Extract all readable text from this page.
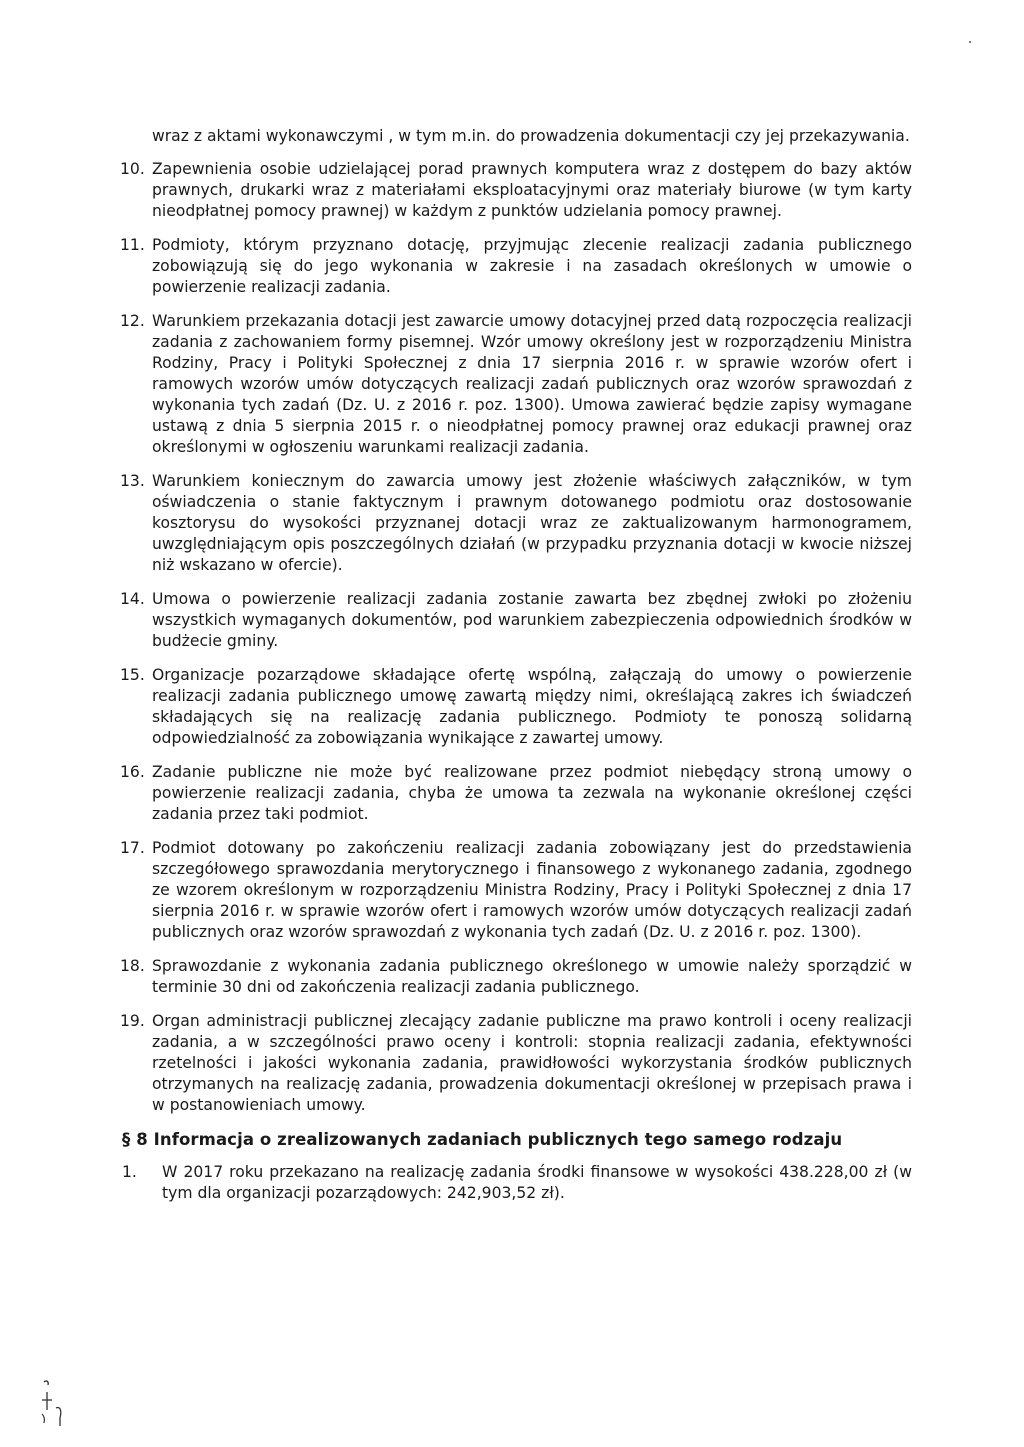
wraz z aktami wykonawczymi , w tym m.in. do prowadzenia dokumentacji czy jej przekazywania.

10. Zapewnienia osobie udzielającej porad prawnych komputera wraz z dostępem do bazy aktów prawnych, drukarki wraz z materiałami eksploatacyjnymi oraz materiały biurowe (w tym karty nieodpłatnej pomocy prawnej) w każdym z punktów udzielania pomocy prawnej.
11. Podmioty, którym przyznano dotację, przyjmując zlecenie realizacji zadania publicznego zobowiązują się do jego wykonania w zakresie i na zasadach określonych w umowie o powierzenie realizacji zadania.
12. Warunkiem przekazania dotacji jest zawarcie umowy dotacyjnej przed datą rozpoczęcia realizacji zadania z zachowaniem formy pisemnej. Wzór umowy określony jest w rozporządzeniu Ministra Rodziny, Pracy i Polityki Społecznej z dnia 17 sierpnia 2016 r. w sprawie wzorów ofert i ramowych wzorów umów dotyczących realizacji zadań publicznych oraz wzorów sprawozdań z wykonania tych zadań (Dz. U. z 2016 r. poz. 1300). Umowa zawierać będzie zapisy wymagane ustawą z dnia 5 sierpnia 2015 r. o nieodpłatnej pomocy prawnej oraz edukacji prawnej oraz określonymi w ogłoszeniu warunkami realizacji zadania.
13. Warunkiem koniecznym do zawarcia umowy jest złożenie właściwych załączników, w tym oświadczenia o stanie faktycznym i prawnym dotowanego podmiotu oraz dostosowanie kosztorysu do wysokości przyznanej dotacji wraz ze zaktualizowanym harmonogramem, uwzględniającym opis poszczególnych działań (w przypadku przyznania dotacji w kwocie niższej niż wskazano w ofercie).
14. Umowa o powierzenie realizacji zadania zostanie zawarta bez zbędnej zwłoki po złożeniu wszystkich wymaganych dokumentów, pod warunkiem zabezpieczenia odpowiednich środków w budżecie gminy.
15. Organizacje pozarządowe składające ofertę wspólną, załączają do umowy o powierzenie realizacji zadania publicznego umowę zawartą między nimi, określającą zakres ich świadczeń składających się na realizację zadania publicznego. Podmioty te ponoszą solidarną odpowiedzialność za zobowiązania wynikające z zawartej umowy.
16. Zadanie publiczne nie może być realizowane przez podmiot niebędący stroną umowy o powierzenie realizacji zadania, chyba że umowa ta zezwala na wykonanie określonej części zadania przez taki podmiot.
17. Podmiot dotowany po zakończeniu realizacji zadania zobowiązany jest do przedstawienia szczegółowego sprawozdania merytorycznego i finansowego z wykonanego zadania, zgodnego ze wzorem określonym w rozporządzeniu Ministra Rodziny, Pracy i Polityki Społecznej z dnia 17 sierpnia 2016 r. w sprawie wzorów ofert i ramowych wzorów umów dotyczących realizacji zadań publicznych oraz wzorów sprawozdań z wykonania tych zadań (Dz. U. z 2016 r. poz. 1300).
18. Sprawozdanie z wykonania zadania publicznego określonego w umowie należy sporządzić w terminie 30 dni od zakończenia realizacji zadania publicznego.
19. Organ administracji publicznej zlecający zadanie publiczne ma prawo kontroli i oceny realizacji zadania, a w szczególności prawo oceny i kontroli: stopnia realizacji zadania, efektywności rzetelności i jakości wykonania zadania, prawidłowości wykorzystania środków publicznych otrzymanych na realizację zadania, prowadzenia dokumentacji określonej w przepisach prawa i w postanowieniach umowy.
§ 8 Informacja o zrealizowanych zadaniach publicznych tego samego rodzaju
1. W 2017 roku przekazano na realizację zadania środki finansowe w wysokości 438.228,00 zł (w tym dla organizacji pozarządowych: 242,903,52 zł).
